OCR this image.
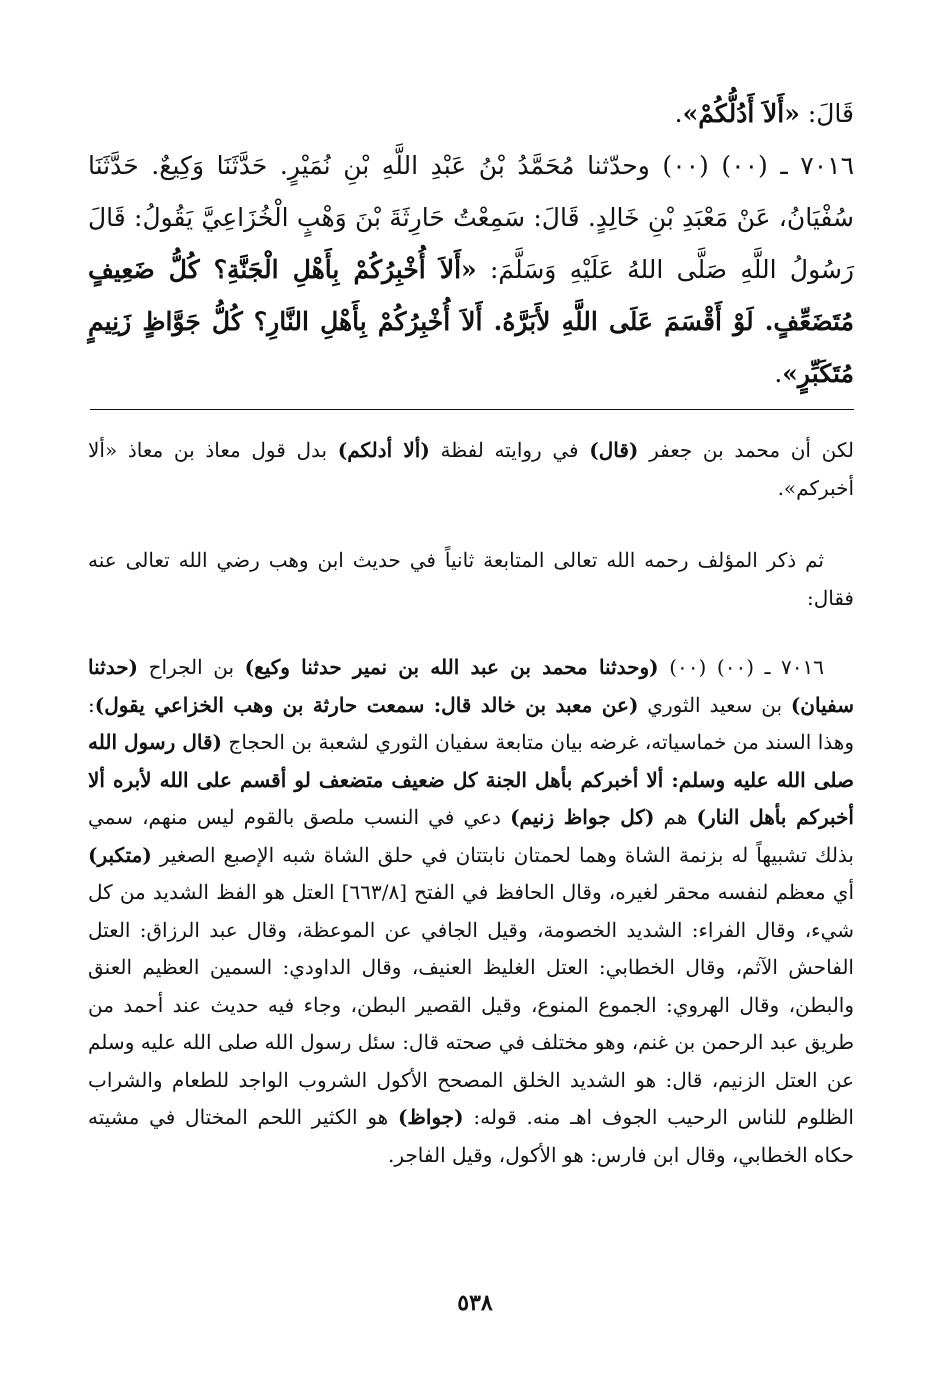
قَالَ: «أَلاَ أَدُلُّكُمْ».
٧٠١٦ ـ (٠٠) (٠٠) وحدّثنا مُحَمَّدُ بْنُ عَبْدِ اللَّهِ بْنِ نُمَيْرٍ. حَدَّثَنَا وَكِيعٌ. حَدَّثَنَا سُفْيَانُ، عَنْ مَعْبَدِ بْنِ خَالِدٍ. قَالَ: سَمِعْتُ حَارِثَةَ بْنَ وَهْبٍ الْخُزَاعِيَّ يَقُولُ: قَالَ رَسُولُ اللَّهِ صَلَّى اللهُ عَلَيْهِ وَسَلَّمَ: «أَلاَ أُخْبِرُكُمْ بِأَهْلِ الْجَنَّةِ؟ كُلُّ ضَعِيفٍ مُتَضَعِّفٍ. لَوْ أَقْسَمَ عَلَى اللَّهِ لأَبَرَّهُ. أَلاَ أُخْبِرُكُمْ بِأَهْلِ النَّارِ؟ كُلُّ جَوَّاظٍ زَنِيمٍ مُتَكَبِّرٍ».
لكن أن محمد بن جعفر (قال) في روايته لفظة (ألا أدلكم) بدل قول معاذ بن معاذ «ألا أخبركم».
ثم ذكر المؤلف رحمه الله تعالى المتابعة ثانياً في حديث ابن وهب رضي الله تعالى عنه فقال:
٧٠١٦ ـ (٠٠) (٠٠) (وحدثنا محمد بن عبد الله بن نمير حدثنا وكيع) بن الجراح (حدثنا سفيان) بن سعيد الثوري (عن معبد بن خالد قال: سمعت حارثة بن وهب الخزاعي يقول): وهذا السند من خماسياته، غرضه بيان متابعة سفيان الثوري لشعبة بن الحجاج (قال رسول الله صلى الله عليه وسلم: ألا أخبركم بأهل الجنة كل ضعيف متضعف لو أقسم على الله لأبره ألا أخبركم بأهل النار) هم (كل جواظ زنيم) دعي في النسب ملصق بالقوم ليس منهم، سمي بذلك تشبيهاً له بزنمة الشاة وهما لحمتان نابتتان في حلق الشاة شبه الإصبع الصغير (متكبر) أي معظم لنفسه محقر لغيره، وقال الحافظ في الفتح [٦٦٣/٨] العتل هو الفظ الشديد من كل شيء، وقال الفراء: الشديد الخصومة، وقيل الجافي عن الموعظة، وقال عبد الرزاق: العتل الفاحش الآثم، وقال الخطابي: العتل الغليظ العنيف، وقال الداودي: السمين العظيم العنق والبطن، وقال الهروي: الجموع المنوع، وقيل القصير البطن، وجاء فيه حديث عند أحمد من طريق عبد الرحمن بن غنم، وهو مختلف في صحته قال: سئل رسول الله صلى الله عليه وسلم عن العتل الزنيم، قال: هو الشديد الخلق المصحح الأكول الشروب الواجد للطعام والشراب الظلوم للناس الرحيب الجوف اهـ منه. قوله: (جواظ) هو الكثير اللحم المختال في مشيته حكاه الخطابي، وقال ابن فارس: هو الأكول، وقيل الفاجر.
٥٣٨
